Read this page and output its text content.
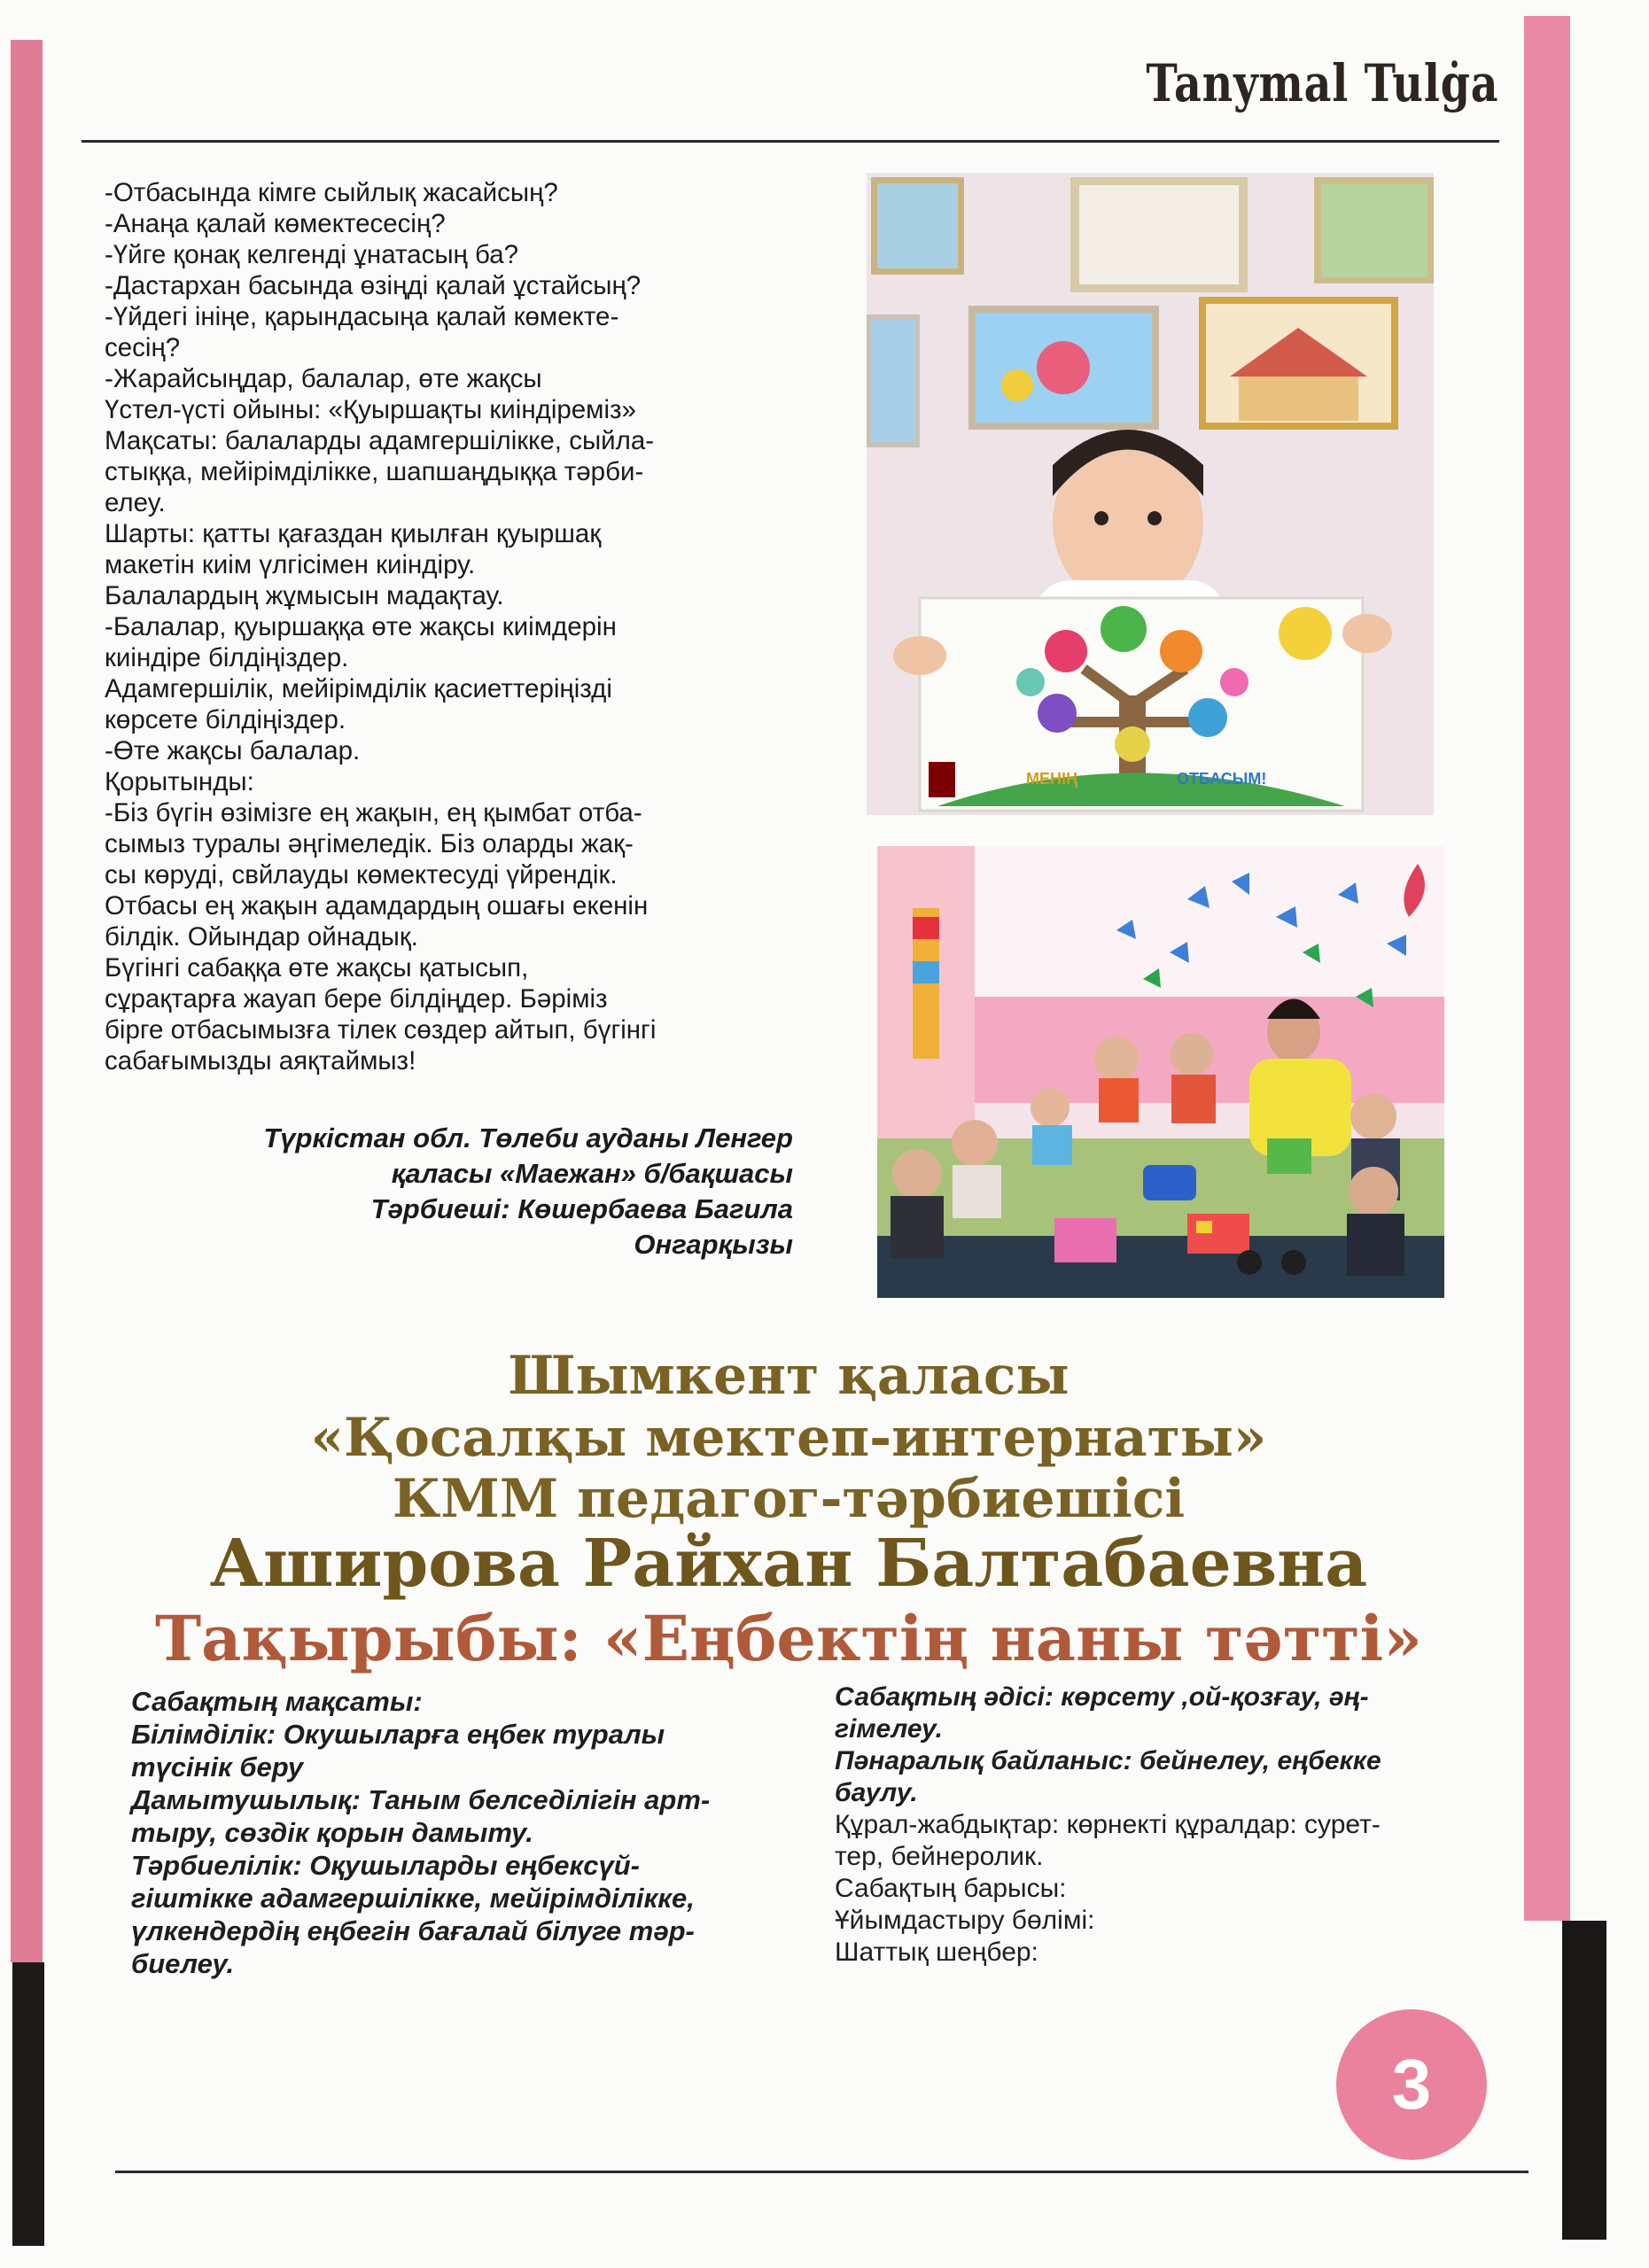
Tanymal Tulġa
-Отбасында кімге сыйлық жасайсың?
-Анаңа қалай көмектесесің?
-Үйге қонақ келгенді ұнатасың ба?
-Дастархан басында өзіңді қалай ұстайсың?
-Үйдегі ініңе, қарындасыңа қалай көмекте-
сесің?
-Жарайсыңдар, балалар, өте жақсы
Үстел-үсті ойыны: «Қуыршақты киіндіреміз»
Мақсаты: балаларды адамгершілікке, сыйла-
стыққа, мейірімділікке, шапшаңдыққа тәрби-
елеу.
Шарты: қатты қағаздан қиылған қуыршақ
макетін киім үлгісімен киіндіру.
Балалардың жұмысын мадақтау.
-Балалар, қуыршаққа өте жақсы киімдерін
киіндіре білдіңіздер.
Адамгершілік, мейірімділік қасиеттеріңізді
көрсете білдіңіздер.
-Өте жақсы балалар.
Қорытынды:
-Біз бүгін өзімізге ең жақын, ең қымбат отба-
сымыз туралы әңгімеледік. Біз оларды жақ-
сы көруді, свйлауды көмектесуді үйрендік.
Отбасы ең жақын адамдардың ошағы екенін
білдік. Ойындар ойнадық.
Бүгінгі сабаққа өте жақсы қатысып,
сұрақтарға жауап бере білдіңдер. Бәріміз
бірге отбасымызға тілек сөздер айтып, бүгінгі
сабағымызды аяқтаймыз!
Түркістан обл. Төлеби ауданы Ленгер
қаласы «Маежан» б/бақшасы
Тәрбиеші: Көшербаева Багила
Онгарқызы
МЕНІҢ	ОТБАСЫМ!
Шымкент қаласы
«Қосалқы мектеп-интернаты»
КММ педагог-тәрбиешісі
Аширова Райхан Балтабаевна
Тақырыбы: «Еңбектің наны тәтті»
Сабақтың мақсаты:
Білімділік: Окушыларға еңбек туралы
түсінік беру
Дамытушылық: Таным белседілігін арт-
тыру, сөздік қорын дамыту.
Тәрбиелілік: Оқушыларды еңбексүй-
гіштікке адамгершілікке, мейірімділікке,
үлкендердің еңбегін бағалай білуге тәр-
биелеу.
Сабақтың әдісі: көрсету ,ой-қозғау, әң-
гімелеу.
Пәнаралық байланыс: бейнелеу, еңбекке
баулу.
Құрал-жабдықтар: көрнекті құралдар: сурет-
тер, бейнеролик.
Сабақтың барысы:
Ұйымдастыру бөлімі:
Шаттық шеңбер:
3
